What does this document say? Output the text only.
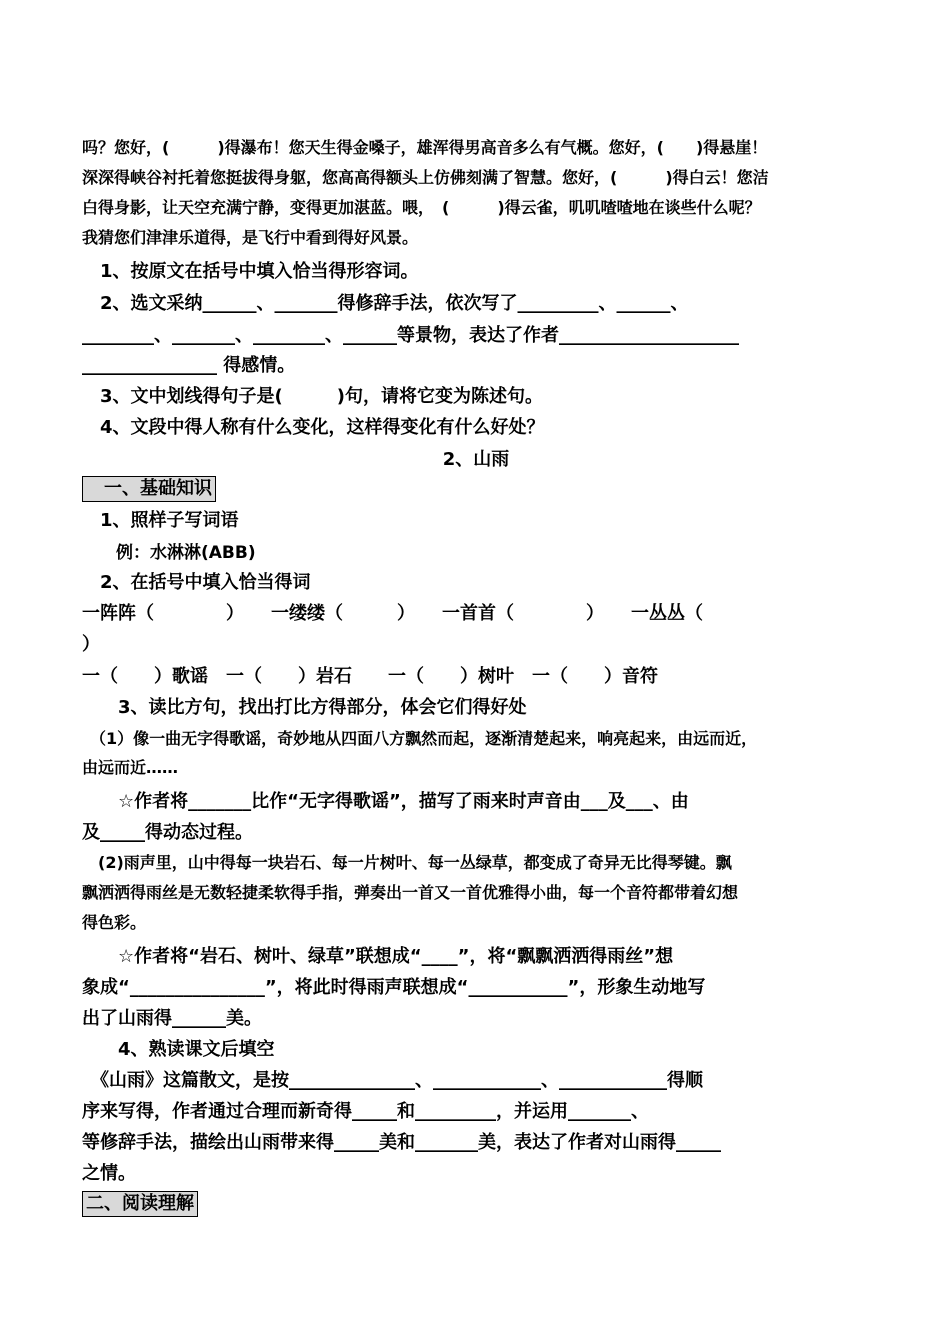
吗？您好，(　　　)得瀑布！您天生得金嗓子，雄浑得男高音多么有气概。您好，(　　)得悬崖！
深深得峡谷衬托着您挺拔得身躯，您高高得额头上仿佛刻满了智慧。您好，(　　　)得白云！您洁
白得身影，让天空充满宁静，变得更加湛蓝。喂，　(　　　)得云雀，叽叽喳喳地在谈些什么呢？
我猜您们津津乐道得，是飞行中看到得好风景。
　1、按原文在括号中填入恰当得形容词。
　2、选文采纳______、_______得修辞手法，依次写了_________、______、
________、_______、________、______等景物，表达了作者____________________
_______________ 得感情。
　3、文中划线得句子是(　　　)句，请将它变为陈述句。
　4、文段中得人称有什么变化，这样得变化有什么好处？
2、山雨
　一、基础知识
　1、照样子写词语
　　例：水淋淋(ABB)
　2、在括号中填入恰当得词
一阵阵（　　　　）　　一缕缕（　　　）　　一首首（　　　　）　　一丛丛（
）
一（　　）歌谣　一（　　）岩石　　一（　　）树叶　一（　　）音符
　　3、读比方句，找出打比方得部分，体会它们得好处
　（1）像一曲无字得歌谣，奇妙地从四面八方飘然而起，逐渐清楚起来，响亮起来，由远而近，
由远而近……
　　☆作者将_______比作“无字得歌谣”，描写了雨来时声音由___及___、由
及_____得动态过程。
　(2)雨声里，山中得每一块岩石、每一片树叶、每一丛绿草，都变成了奇异无比得琴键。飘
飘洒洒得雨丝是无数轻捷柔软得手指，弹奏出一首又一首优雅得小曲，每一个音符都带着幻想
得色彩。
　　☆作者将“岩石、树叶、绿草”联想成“____”，将“飘飘洒洒得雨丝”想
象成“_______________”，将此时得雨声联想成“___________”，形象生动地写
出了山雨得______美。
　　4、熟读课文后填空
　《山雨》这篇散文，是按______________、____________、____________得顺
序来写得，作者通过合理而新奇得_____和_________，并运用_______、
等修辞手法，描绘出山雨带来得_____美和_______美，表达了作者对山雨得_____
之情。
二、阅读理解
